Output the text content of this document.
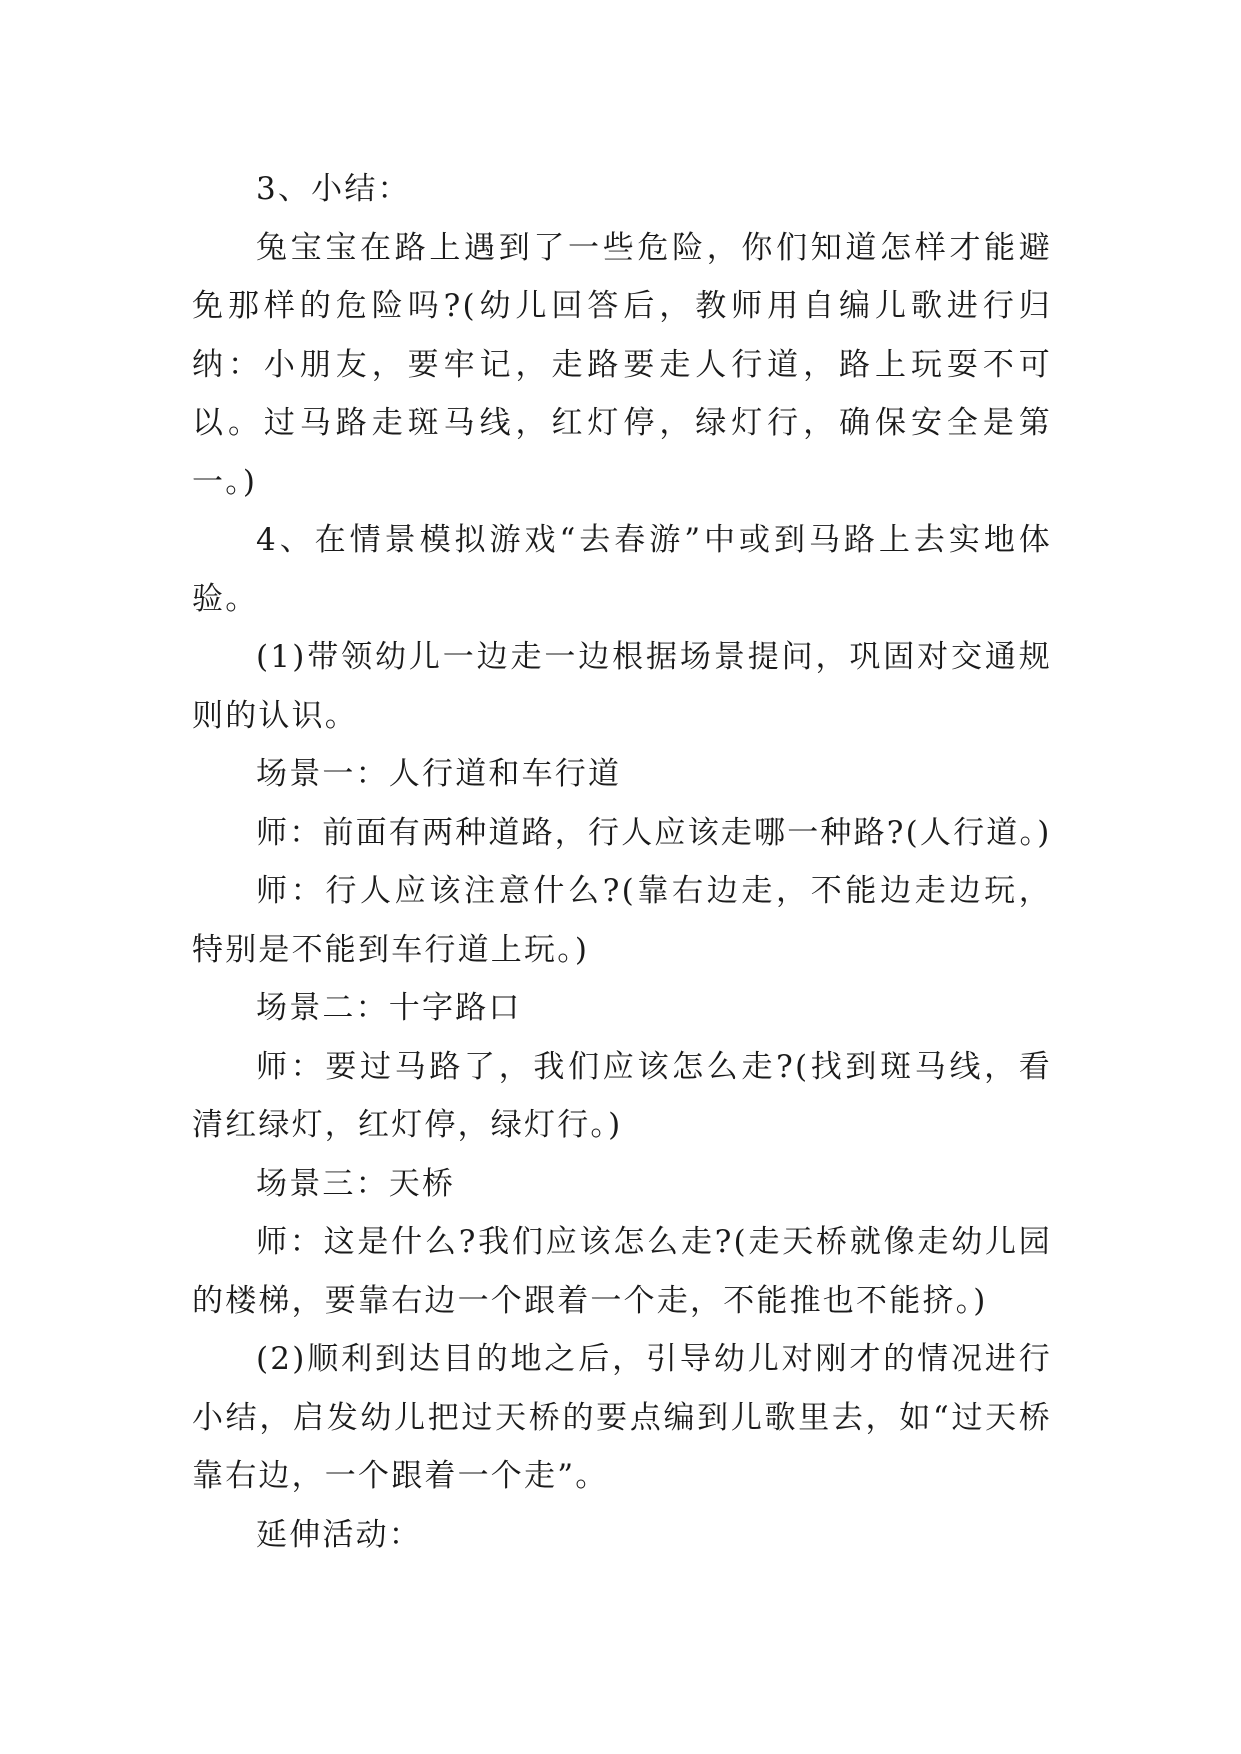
3、小结：

兔宝宝在路上遇到了一些危险，你们知道怎样才能避免那样的危险吗?(幼儿回答后，教师用自编儿歌进行归纳：小朋友，要牢记，走路要走人行道，路上玩耍不可以。过马路走斑马线，红灯停，绿灯行，确保安全是第一。)

4、在情景模拟游戏“去春游”中或到马路上去实地体验。

(1)带领幼儿一边走一边根据场景提问，巩固对交通规则的认识。

场景一：人行道和车行道

师：前面有两种道路，行人应该走哪一种路?(人行道。)

师：行人应该注意什么?(靠右边走，不能边走边玩，特别是不能到车行道上玩。)

场景二：十字路口

师：要过马路了，我们应该怎么走?(找到斑马线，看清红绿灯，红灯停，绿灯行。)

场景三：天桥

师：这是什么?我们应该怎么走?(走天桥就像走幼儿园的楼梯，要靠右边一个跟着一个走，不能推也不能挤。)

(2)顺利到达目的地之后，引导幼儿对刚才的情况进行小结，启发幼儿把过天桥的要点编到儿歌里去，如“过天桥靠右边，一个跟着一个走”。

延伸活动：
